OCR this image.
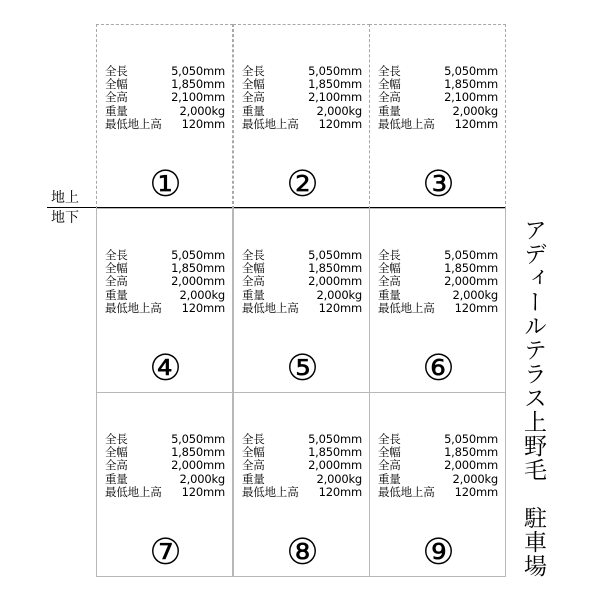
地上
地下
全長	5,050mm
全幅	1,850mm
全高	2,100mm
重量	2,000kg
最低地上高 120mm
①
全長	5,050mm
全幅	1,850mm
全高	2,100mm
重量	2,000kg
最低地上高 120mm
②
全長	5,050mm
全幅	1,850mm
全高	2,100mm
重量	2,000kg
最低地上高 120mm
③
全長	5,050mm
全幅	1,850mm
全高	2,000mm
重量	2,000kg
最低地上高 120mm
④
全長	5,050mm
全幅	1,850mm
全高	2,000mm
重量	2,000kg
最低地上高 120mm
⑤
全長	5,050mm
全幅	1,850mm
全高	2,000mm
重量	2,000kg
最低地上高 120mm
⑥
全長	5,050mm
全幅	1,850mm
全高	2,000mm
重量	2,000kg
最低地上高 120mm
⑦
全長	5,050mm
全幅	1,850mm
全高	2,000mm
重量	2,000kg
最低地上高 120mm
⑧
全長	5,050mm
全幅	1,850mm
全高	2,000mm
重量	2,000kg
最低地上高 120mm
⑨	アディールテラス上野毛　駐車場
